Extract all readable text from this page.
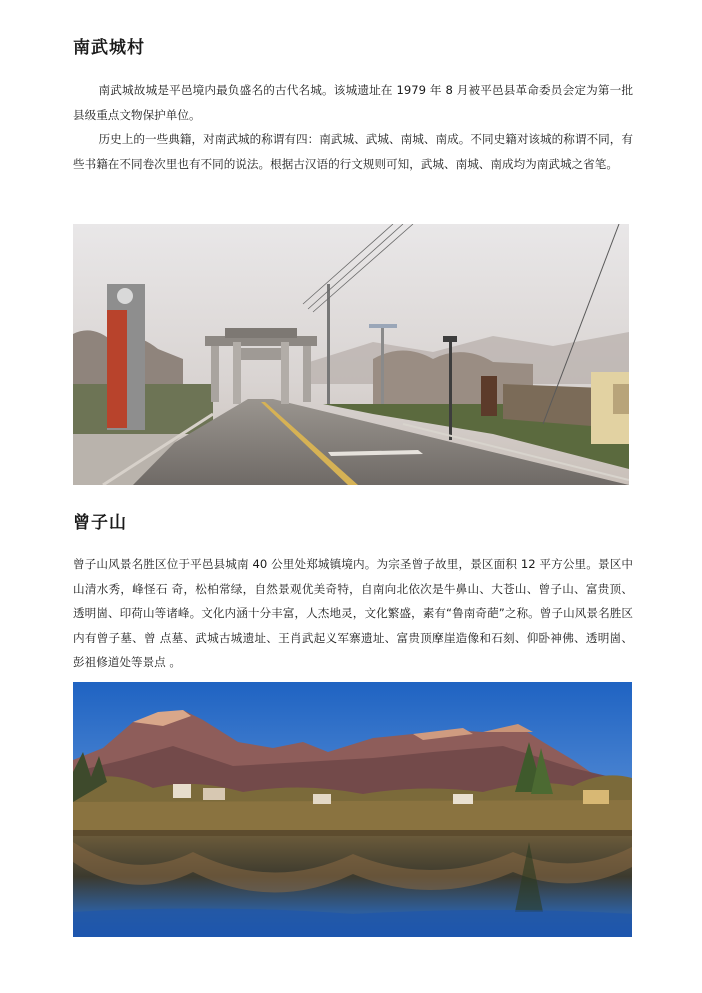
南武城村

南武城故城是平邑境内最负盛名的古代名城。该城遗址在 1979 年 8 月被平邑县革命委员会定为第一批县级重点文物保护单位。

历史上的一些典籍，对南武城的称谓有四：南武城、武城、南城、南成。不同史籍对该城的称谓不同，有些书籍在不同卷次里也有不同的说法。根据古汉语的行文规则可知，武城、南城、南成均为南武城之省笔。

曾子山

曾子山风景名胜区位于平邑县城南 40 公里处郑城镇境内。为宗圣曾子故里，景区面积 12 平方公里。景区中山清水秀，峰怪石 奇，松柏常绿，自然景观优美奇特，自南向北依次是牛鼻山、大苍山、曾子山、富贵顶、透明崮、印荷山等诸峰。文化内涵十分丰富，人杰地灵，文化繁盛，素有“鲁南奇葩”之称。曾子山风景名胜区内有曾子墓、曾 点墓、武城古城遗址、王肖武起义军寨遗址、富贵顶摩崖造像和石刻、仰卧神佛、透明崮、彭祖修道处等景点 。
